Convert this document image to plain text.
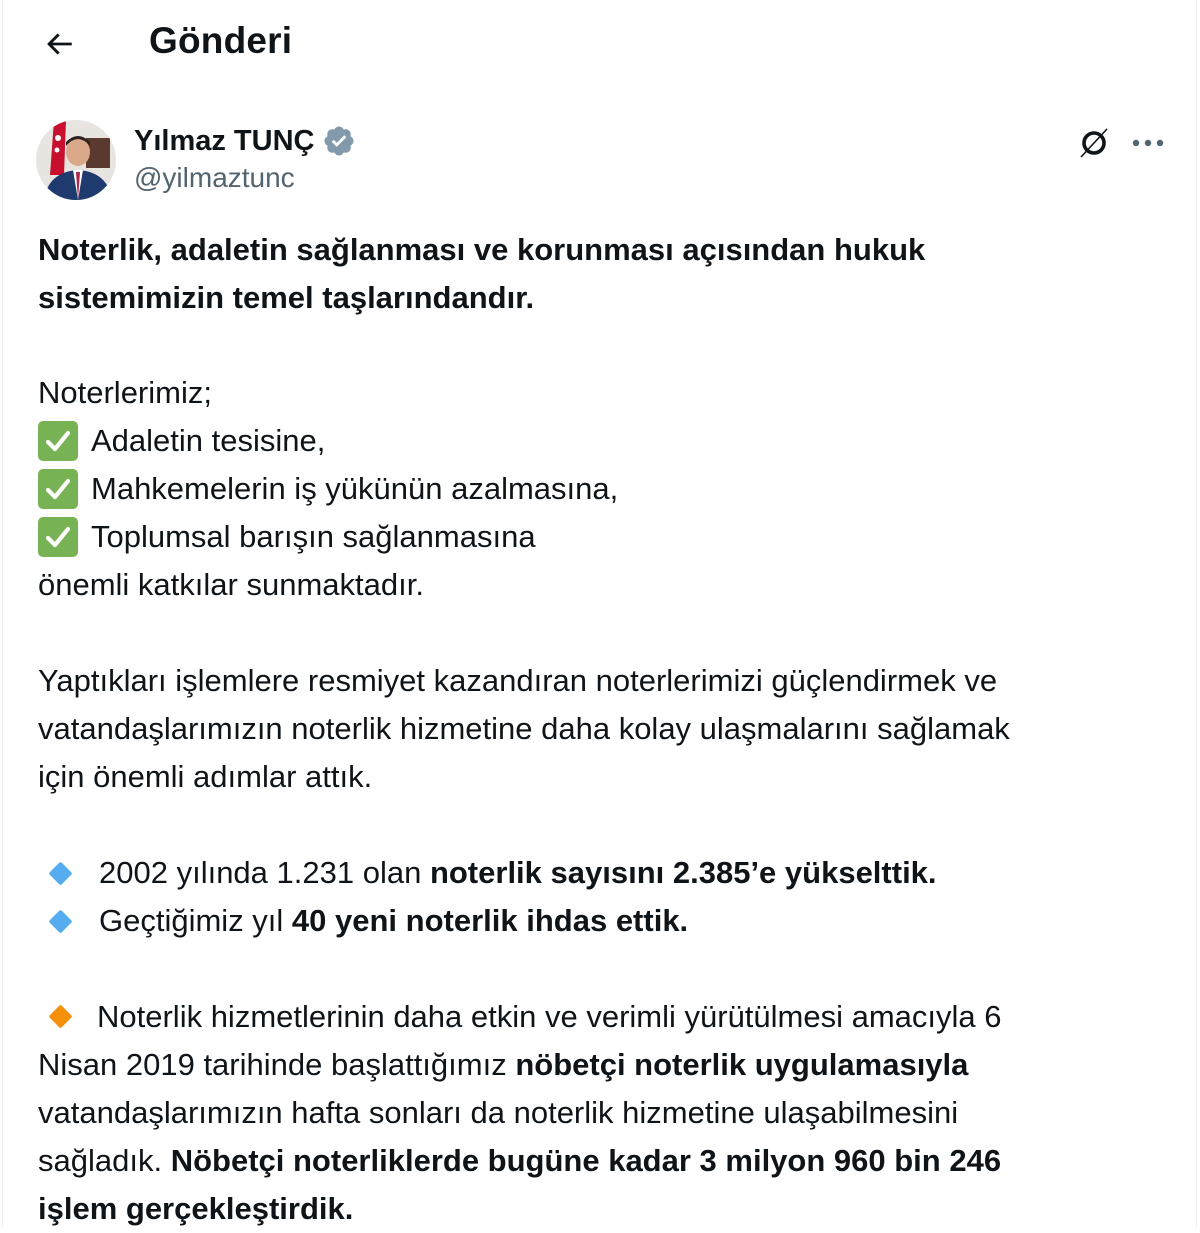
Gönderi
Yılmaz TUNÇ
@yilmaztunc

Noterlik, adaletin sağlanması ve korunması açısından hukuk

sistemimizin temel taşlarındandır.

Noterlerimiz;

Adaletin tesisine,
Mahkemelerin iş yükünün azalmasına,
Toplumsal barışın sağlanmasına

önemli katkılar sunmaktadır.

Yaptıkları işlemlere resmiyet kazandıran noterlerimizi güçlendirmek ve

vatandaşlarımızın noterlik hizmetine daha kolay ulaşmalarını sağlamak

için önemli adımlar attık.

2002 yılında 1.231 olan noterlik sayısını 2.385’e yükselttik.
Geçtiğimiz yıl 40 yeni noterlik ihdas ettik.

Noterlik hizmetlerinin daha etkin ve verimli yürütülmesi amacıyla 6

Nisan 2019 tarihinde başlattığımız nöbetçi noterlik uygulamasıyla

vatandaşlarımızın hafta sonları da noterlik hizmetine ulaşabilmesini

sağladık. Nöbetçi noterliklerde bugüne kadar 3 milyon 960 bin 246

işlem gerçekleştirdik.
